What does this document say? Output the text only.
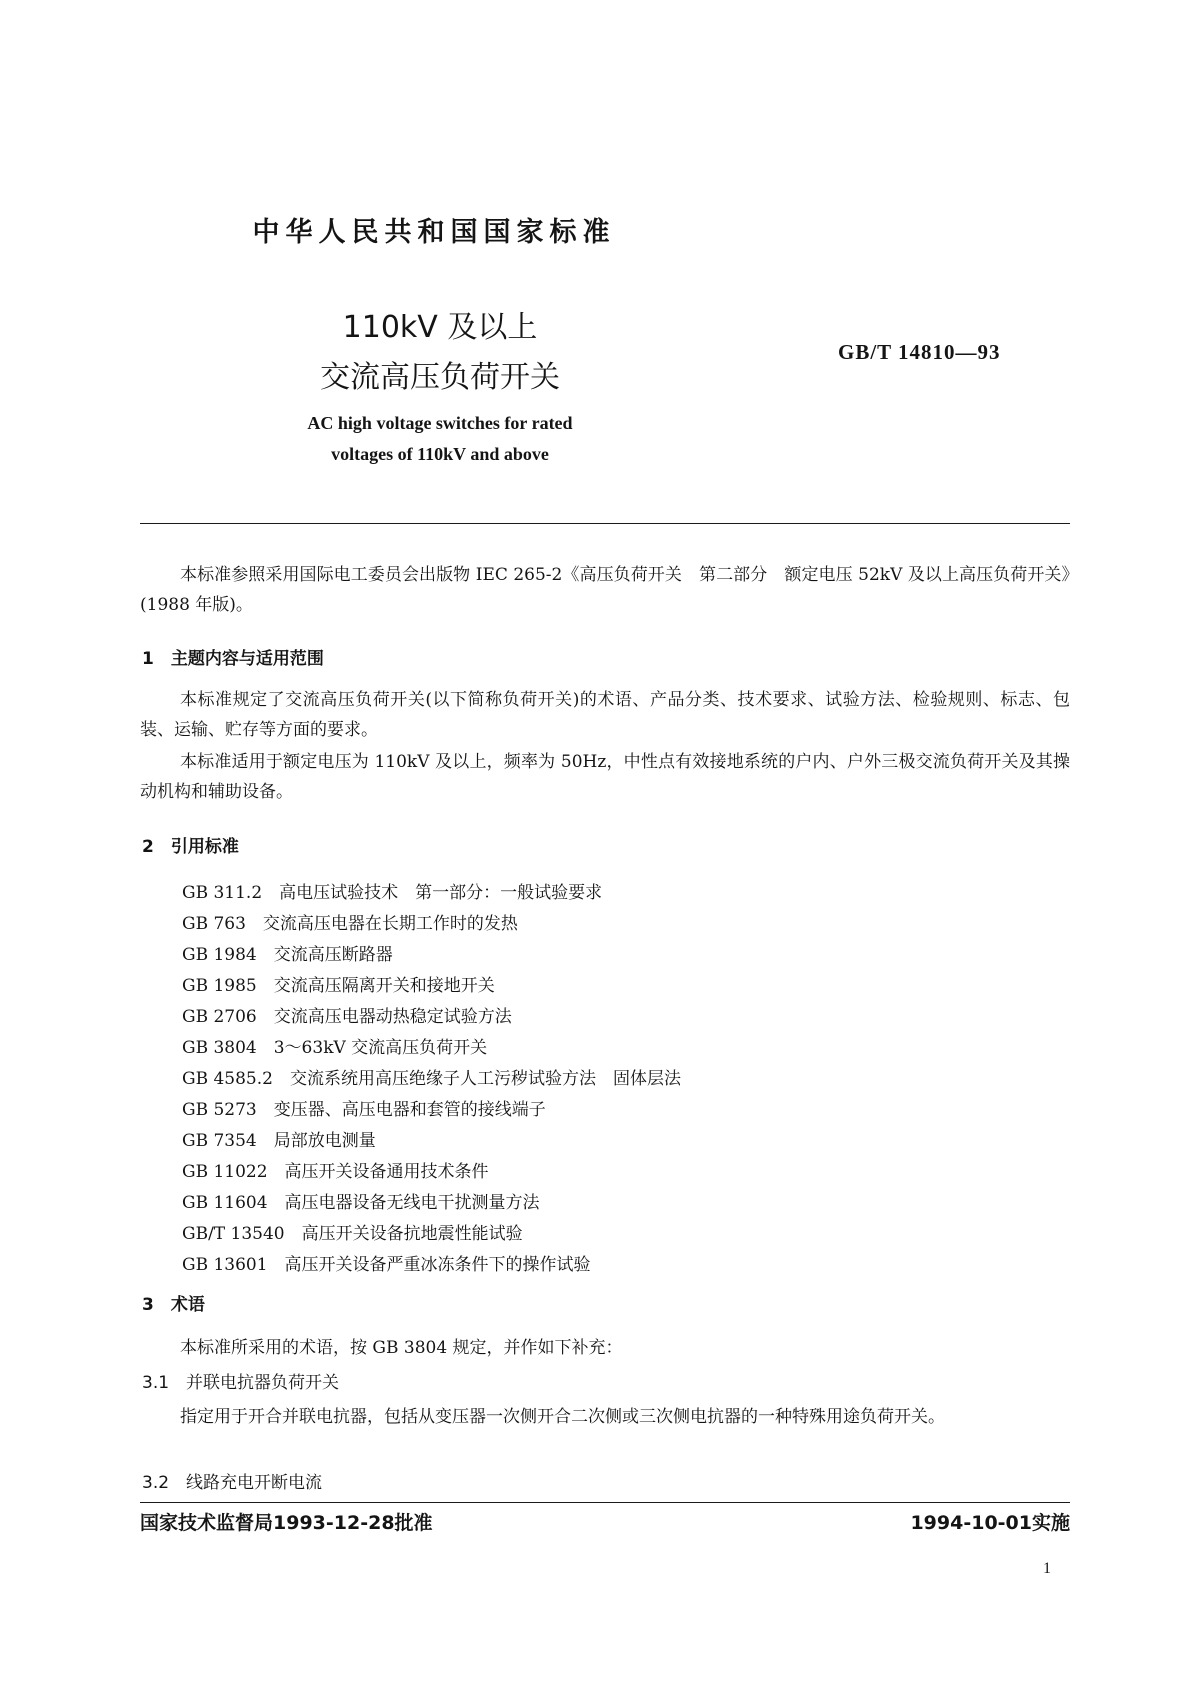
中华人民共和国国家标准
110kV 及以上
交流高压负荷开关
GB/T 14810—93
AC high voltage switches for rated
voltages of 110kV and above
本标准参照采用国际电工委员会出版物 IEC 265-2《高压负荷开关　第二部分　额定电压 52kV 及以上高压负荷开关》(1988 年版)。
1　主题内容与适用范围
本标准规定了交流高压负荷开关(以下简称负荷开关)的术语、产品分类、技术要求、试验方法、检验规则、标志、包装、运输、贮存等方面的要求。
本标准适用于额定电压为 110kV 及以上，频率为 50Hz，中性点有效接地系统的户内、户外三极交流负荷开关及其操动机构和辅助设备。
2　引用标准
GB 311.2　高电压试验技术　第一部分：一般试验要求
GB 763　交流高压电器在长期工作时的发热
GB 1984　交流高压断路器
GB 1985　交流高压隔离开关和接地开关
GB 2706　交流高压电器动热稳定试验方法
GB 3804　3～63kV 交流高压负荷开关
GB 4585.2　交流系统用高压绝缘子人工污秽试验方法　固体层法
GB 5273　变压器、高压电器和套管的接线端子
GB 7354　局部放电测量
GB 11022　高压开关设备通用技术条件
GB 11604　高压电器设备无线电干扰测量方法
GB/T 13540　高压开关设备抗地震性能试验
GB 13601　高压开关设备严重冰冻条件下的操作试验
3　术语
本标准所采用的术语，按 GB 3804 规定，并作如下补充：
3.1　并联电抗器负荷开关
指定用于开合并联电抗器，包括从变压器一次侧开合二次侧或三次侧电抗器的一种特殊用途负荷开关。
3.2　线路充电开断电流
国家技术监督局1993-12-28批准	1994-10-01实施
1
